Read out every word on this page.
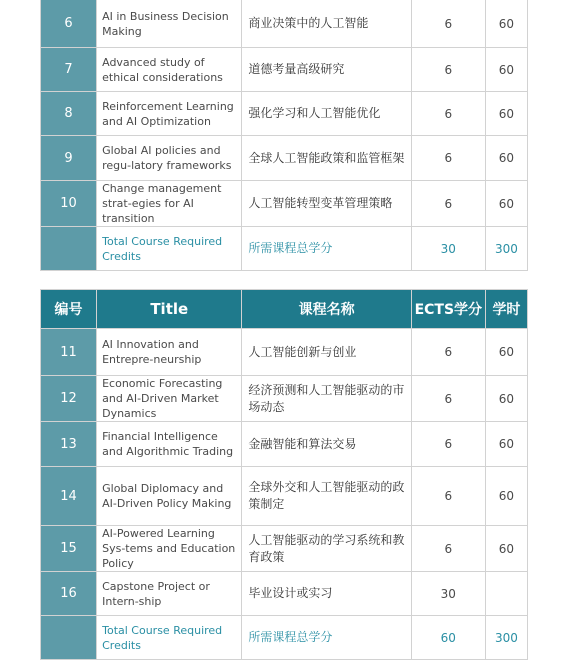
6	AI in Business Decision Making	商业决策中的人工智能	6	60
7	Advanced study of ethical considerations	道德考量高级研究	6	60
8	Reinforcement Learning and AI Optimization	强化学习和人工智能优化	6	60
9	Global AI policies and regu-latory frameworks	全球人工智能政策和监管框架	6	60
10	Change management strat-egies for AI transition	人工智能转型变革管理策略	6	60
	Total Course Required Credits	所需课程总学分	30	300
编号	Title	课程名称	ECTS学分	学时
11	AI Innovation and Entrepre-neurship	人工智能创新与创业	6	60
12	Economic Forecasting and AI-Driven Market Dynamics	经济预测和人工智能驱动的市场动态	6	60
13	Financial Intelligence and Algorithmic Trading	金融智能和算法交易	6	60
14	Global Diplomacy and AI-Driven Policy Making	全球外交和人工智能驱动的政策制定	6	60
15	AI-Powered Learning Sys-tems and Education Policy	人工智能驱动的学习系统和教育政策	6	60
16	Capstone Project or Intern-ship	毕业设计或实习	30	
	Total Course Required Credits	所需课程总学分	60	300
